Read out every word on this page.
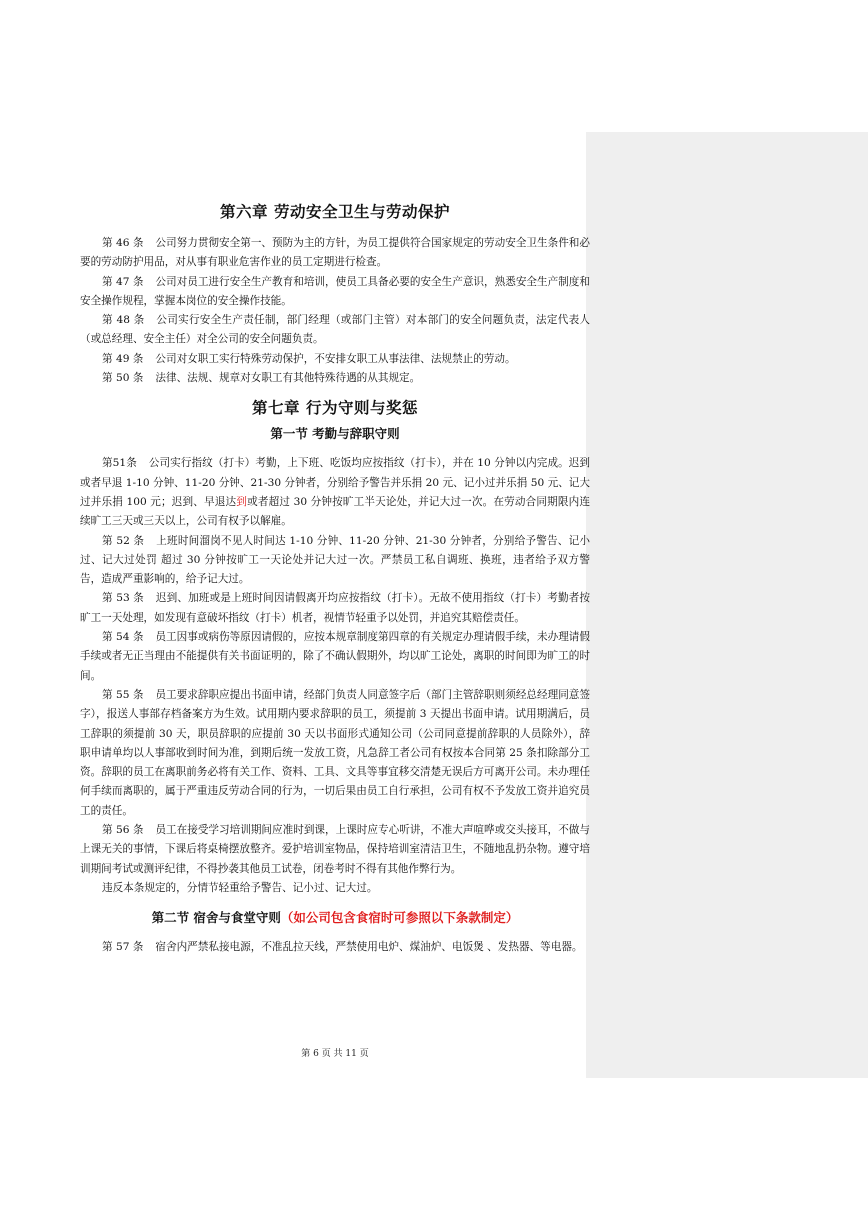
第六章 劳动安全卫生与劳动保护

第 46 条 公司努力贯彻安全第一、预防为主的方针，为员工提供符合国家规定的劳动安全卫生条件和必要的劳动防护用品，对从事有职业危害作业的员工定期进行检查。

第 47 条 公司对员工进行安全生产教育和培训，使员工具备必要的安全生产意识，熟悉安全生产制度和安全操作规程，掌握本岗位的安全操作技能。

第 48 条 公司实行安全生产责任制，部门经理（或部门主管）对本部门的安全问题负责，法定代表人（或总经理、安全主任）对全公司的安全问题负责。

第 49 条 公司对女职工实行特殊劳动保护，不安排女职工从事法律、法规禁止的劳动。

第 50 条 法律、法规、规章对女职工有其他特殊待遇的从其规定。

第七章 行为守则与奖惩
第一节 考勤与辞职守则

第51条 公司实行指纹（打卡）考勤，上下班、吃饭均应按指纹（打卡），并在 10 分钟以内完成。迟到或者早退 1-10 分钟、11-20 分钟、21-30 分钟者，分别给予警告并乐捐 20 元、记小过并乐捐 50 元、记大过并乐捐 100 元；迟到、早退达到或者超过 30 分钟按旷工半天论处，并记大过一次。在劳动合同期限内连续旷工三天或三天以上，公司有权予以解雇。

第 52 条 上班时间溜岗不见人时间达 1-10 分钟、11-20 分钟、21-30 分钟者，分别给予警告、记小过、记大过处罚 超过 30 分钟按旷工一天论处并记大过一次。严禁员工私自调班、换班，违者给予双方警告，造成严重影响的，给予记大过。

第 53 条 迟到、加班或是上班时间因请假离开均应按指纹（打卡）。无故不使用指纹（打卡）考勤者按旷工一天处理，如发现有意破坏指纹（打卡）机者，视情节轻重予以处罚，并追究其赔偿责任。

第 54 条 员工因事或病伤等原因请假的，应按本规章制度第四章的有关规定办理请假手续，未办理请假手续或者无正当理由不能提供有关书面证明的，除了不确认假期外，均以旷工论处，离职的时间即为旷工的时间。

第 55 条 员工要求辞职应提出书面申请，经部门负责人同意签字后（部门主管辞职则须经总经理同意签字），报送人事部存档备案方为生效。试用期内要求辞职的员工，须提前 3 天提出书面申请。试用期满后，员工辞职的须提前 30 天，职员辞职的应提前 30 天以书面形式通知公司（公司同意提前辞职的人员除外），辞职申请单均以人事部收到时间为准，到期后统一发放工资，凡急辞工者公司有权按本合同第 25 条扣除部分工资。辞职的员工在离职前务必将有关工作、资料、工具、文具等事宜移交清楚无误后方可离开公司。未办理任何手续而离职的，属于严重违反劳动合同的行为，一切后果由员工自行承担，公司有权不予发放工资并追究员工的责任。

第 56 条 员工在接受学习培训期间应准时到课，上课时应专心听讲，不准大声喧哗或交头接耳，不做与上课无关的事情，下课后将桌椅摆放整齐。爱护培训室物品，保持培训室清洁卫生，不随地乱扔杂物。遵守培训期间考试或测评纪律，不得抄袭其他员工试卷，闭卷考时不得有其他作弊行为。

违反本条规定的，分情节轻重给予警告、记小过、记大过。

第二节 宿舍与食堂守则（如公司包含食宿时可参照以下条款制定）

第 57 条 宿舍内严禁私接电源，不准乱拉天线，严禁使用电炉、煤油炉、电饭煲 、发热器、等电器。

第 6 页 共 11 页
